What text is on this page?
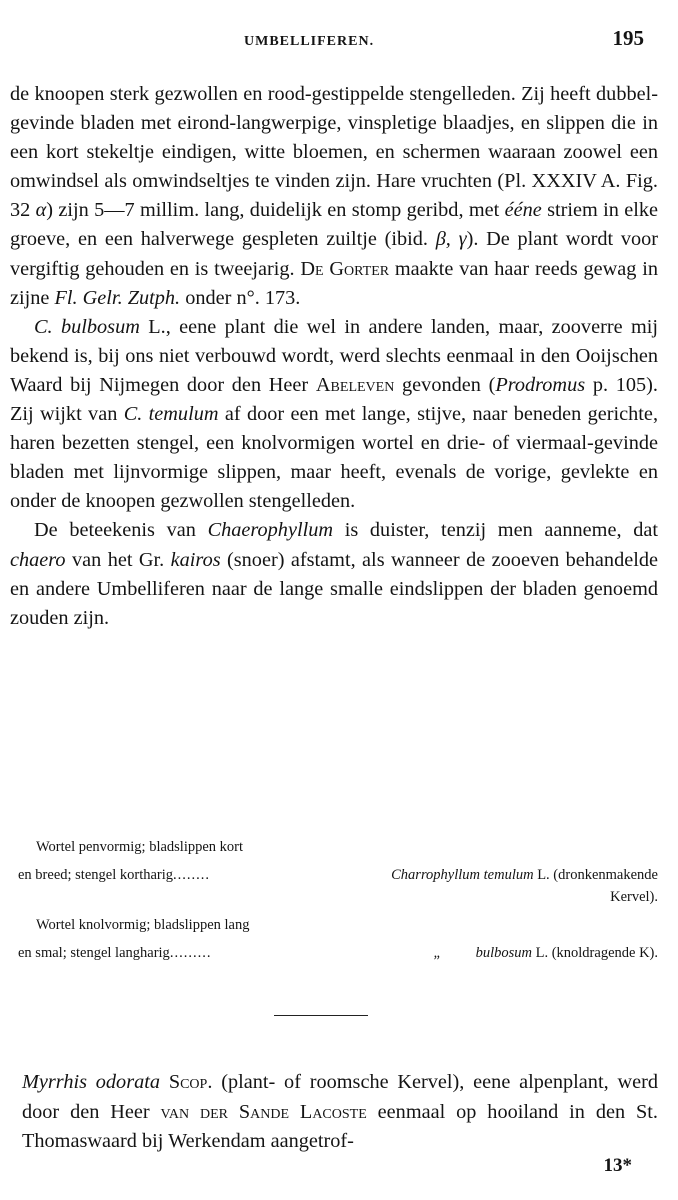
UMBELLIFEREN.	195

de knoopen sterk gezwollen en rood-gestippelde stengelleden. Zij heeft dubbel-gevinde bladen met eirond-langwerpige, vinspletige blaadjes, en slippen die in een kort stekeltje eindigen, witte bloemen, en schermen waaraan zoowel een omwindsel als omwindseltjes te vinden zijn. Hare vruchten (Pl. XXXIV A. Fig. 32 α) zijn 5—7 millim. lang, duidelijk en stomp geribd, met ééne striem in elke groeve, en een halverwege gespleten zuiltje (ibid. β, γ). De plant wordt voor vergiftig gehouden en is tweejarig. De Gorter maakte van haar reeds gewag in zijne Fl. Gelr. Zutph. onder n°. 173.

C. bulbosum L., eene plant die wel in andere landen, maar, zooverre mij bekend is, bij ons niet verbouwd wordt, werd slechts eenmaal in den Ooijschen Waard bij Nijmegen door den Heer Abeleven gevonden (Prodromus p. 105). Zij wijkt van C. temulum af door een met lange, stijve, naar beneden gerichte, haren bezetten stengel, een knolvormigen wortel en drie- of viermaal-gevinde bladen met lijnvormige slippen, maar heeft, evenals de vorige, gevlekte en onder de knoopen gezwollen stengelleden.

De beteekenis van Chaerophyllum is duister, tenzij men aanneme, dat chaero van het Gr. kairos (snoer) afstamt, als wanneer de zooeven behandelde en andere Umbelliferen naar de lange smalle eindslippen der bladen genoemd zouden zijn.

Wortel penvormig; bladslippen kort
en breed; stengel kortharig........	Charrophyllum temulum L. (dronkenmakende
Kervel).
Wortel knolvormig; bladslippen lang
en smal; stengel langharig.........	„ bulbosum L. (knoldragende K).

Myrrhis odorata Scop. (plant- of roomsche Kervel), eene alpenplant, werd door den Heer van der Sande Lacoste eenmaal op hooiland in den St. Thomaswaard bij Werkendam aangetrof-

13*
